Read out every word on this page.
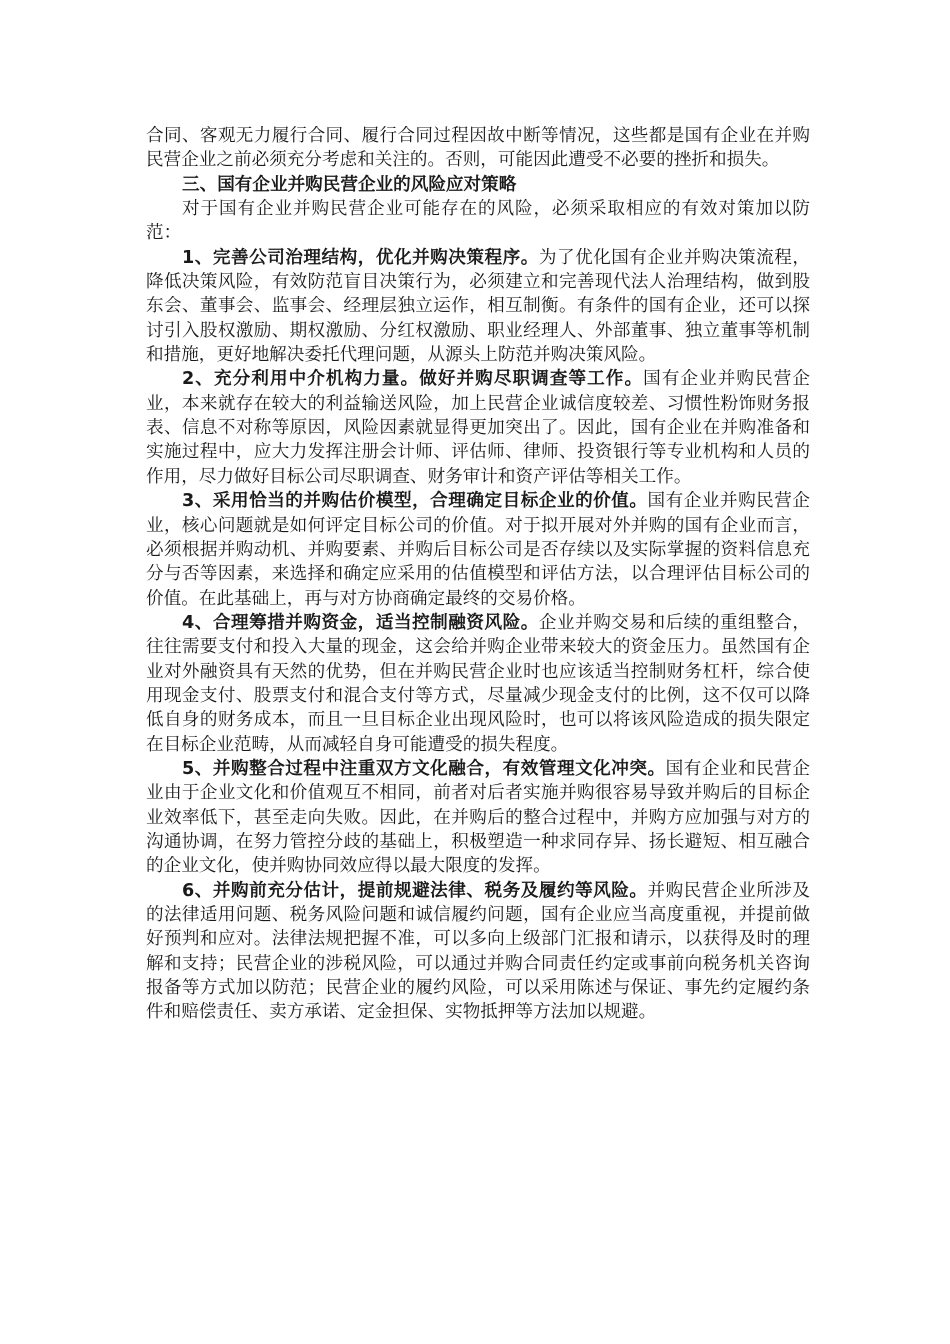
合同、客观无力履行合同、履行合同过程因故中断等情况，这些都是国有企业在并购民营企业之前必须充分考虑和关注的。否则，可能因此遭受不必要的挫折和损失。

三、国有企业并购民营企业的风险应对策略

对于国有企业并购民营企业可能存在的风险，必须采取相应的有效对策加以防范：

1、完善公司治理结构，优化并购决策程序。为了优化国有企业并购决策流程，降低决策风险，有效防范盲目决策行为，必须建立和完善现代法人治理结构，做到股东会、董事会、监事会、经理层独立运作，相互制衡。有条件的国有企业，还可以探讨引入股权激励、期权激励、分红权激励、职业经理人、外部董事、独立董事等机制和措施，更好地解决委托代理问题，从源头上防范并购决策风险。

2、充分利用中介机构力量。做好并购尽职调查等工作。国有企业并购民营企业，本来就存在较大的利益输送风险，加上民营企业诚信度较差、习惯性粉饰财务报表、信息不对称等原因，风险因素就显得更加突出了。因此，国有企业在并购准备和实施过程中，应大力发挥注册会计师、评估师、律师、投资银行等专业机构和人员的作用，尽力做好目标公司尽职调查、财务审计和资产评估等相关工作。

3、采用恰当的并购估价模型，合理确定目标企业的价值。国有企业并购民营企业，核心问题就是如何评定目标公司的价值。对于拟开展对外并购的国有企业而言，必须根据并购动机、并购要素、并购后目标公司是否存续以及实际掌握的资料信息充分与否等因素，来选择和确定应采用的估值模型和评估方法，以合理评估目标公司的价值。在此基础上，再与对方协商确定最终的交易价格。

4、合理筹措并购资金，适当控制融资风险。企业并购交易和后续的重组整合，往往需要支付和投入大量的现金，这会给并购企业带来较大的资金压力。虽然国有企业对外融资具有天然的优势，但在并购民营企业时也应该适当控制财务杠杆，综合使用现金支付、股票支付和混合支付等方式，尽量减少现金支付的比例，这不仅可以降低自身的财务成本，而且一旦目标企业出现风险时，也可以将该风险造成的损失限定在目标企业范畴，从而减轻自身可能遭受的损失程度。

5、并购整合过程中注重双方文化融合，有效管理文化冲突。国有企业和民营企业由于企业文化和价值观互不相同，前者对后者实施并购很容易导致并购后的目标企业效率低下，甚至走向失败。因此，在并购后的整合过程中，并购方应加强与对方的沟通协调，在努力管控分歧的基础上，积极塑造一种求同存异、扬长避短、相互融合的企业文化，使并购协同效应得以最大限度的发挥。

6、并购前充分估计，提前规避法律、税务及履约等风险。并购民营企业所涉及的法律适用问题、税务风险问题和诚信履约问题，国有企业应当高度重视，并提前做好预判和应对。法律法规把握不准，可以多向上级部门汇报和请示，以获得及时的理解和支持；民营企业的涉税风险，可以通过并购合同责任约定或事前向税务机关咨询报备等方式加以防范；民营企业的履约风险，可以采用陈述与保证、事先约定履约条件和赔偿责任、卖方承诺、定金担保、实物抵押等方法加以规避。
